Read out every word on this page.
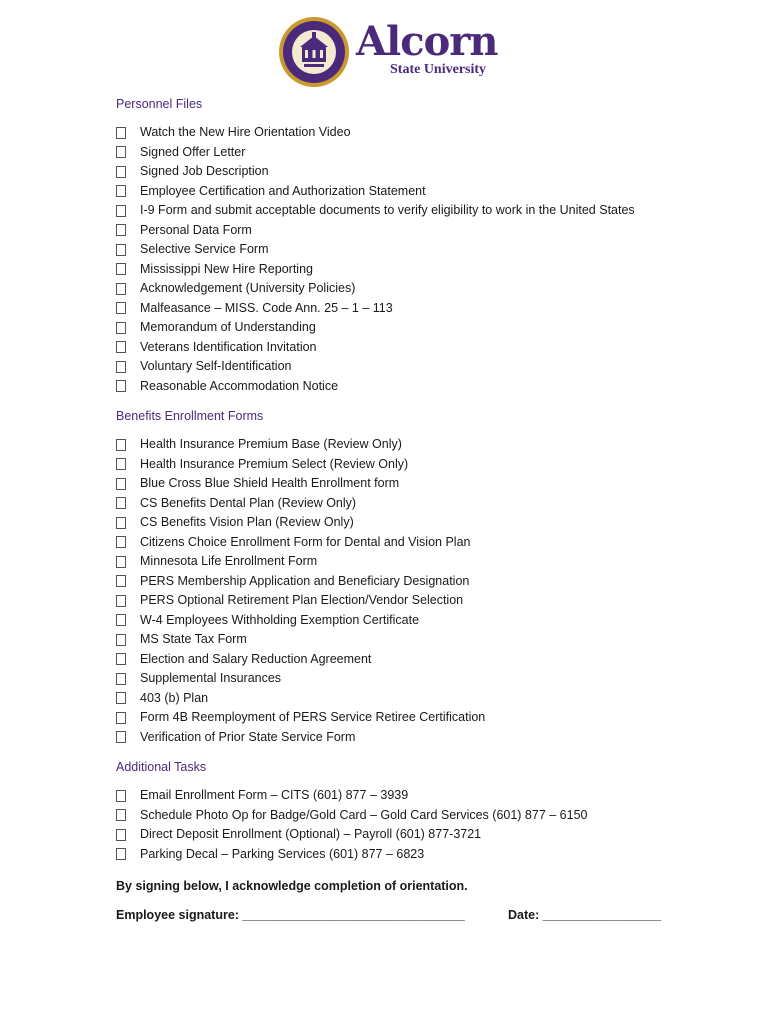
Alcorn
State University
Personnel Files
Watch the New Hire Orientation Video
Signed Offer Letter
Signed Job Description
Employee Certification and Authorization Statement
I-9 Form and submit acceptable documents to verify eligibility to work in the United States
Personal Data Form
Selective Service Form
Mississippi New Hire Reporting
Acknowledgement (University Policies)
Malfeasance – MISS. Code Ann. 25 – 1 – 113
Memorandum of Understanding
Veterans Identification Invitation
Voluntary Self-Identification
Reasonable Accommodation Notice
Benefits Enrollment Forms
Health Insurance Premium Base (Review Only)
Health Insurance Premium Select (Review Only)
Blue Cross Blue Shield Health Enrollment form
CS Benefits Dental Plan (Review Only)
CS Benefits Vision Plan (Review Only)
Citizens Choice Enrollment Form for Dental and Vision Plan
Minnesota Life Enrollment Form
PERS Membership Application and Beneficiary Designation
PERS Optional Retirement Plan Election/Vendor Selection
W-4 Employees Withholding Exemption Certificate
MS State Tax Form
Election and Salary Reduction Agreement
Supplemental Insurances
403 (b) Plan
Form 4B Reemployment of PERS Service Retiree Certification
Verification of Prior State Service Form
Additional Tasks
Email Enrollment Form – CITS (601) 877 – 3939
Schedule Photo Op for Badge/Gold Card – Gold Card Services (601) 877 – 6150
Direct Deposit Enrollment (Optional) – Payroll (601) 877-3721
Parking Decal – Parking Services (601) 877 – 6823
By signing below, I acknowledge completion of orientation.
Employee signature: ________________________________	Date: _________________
